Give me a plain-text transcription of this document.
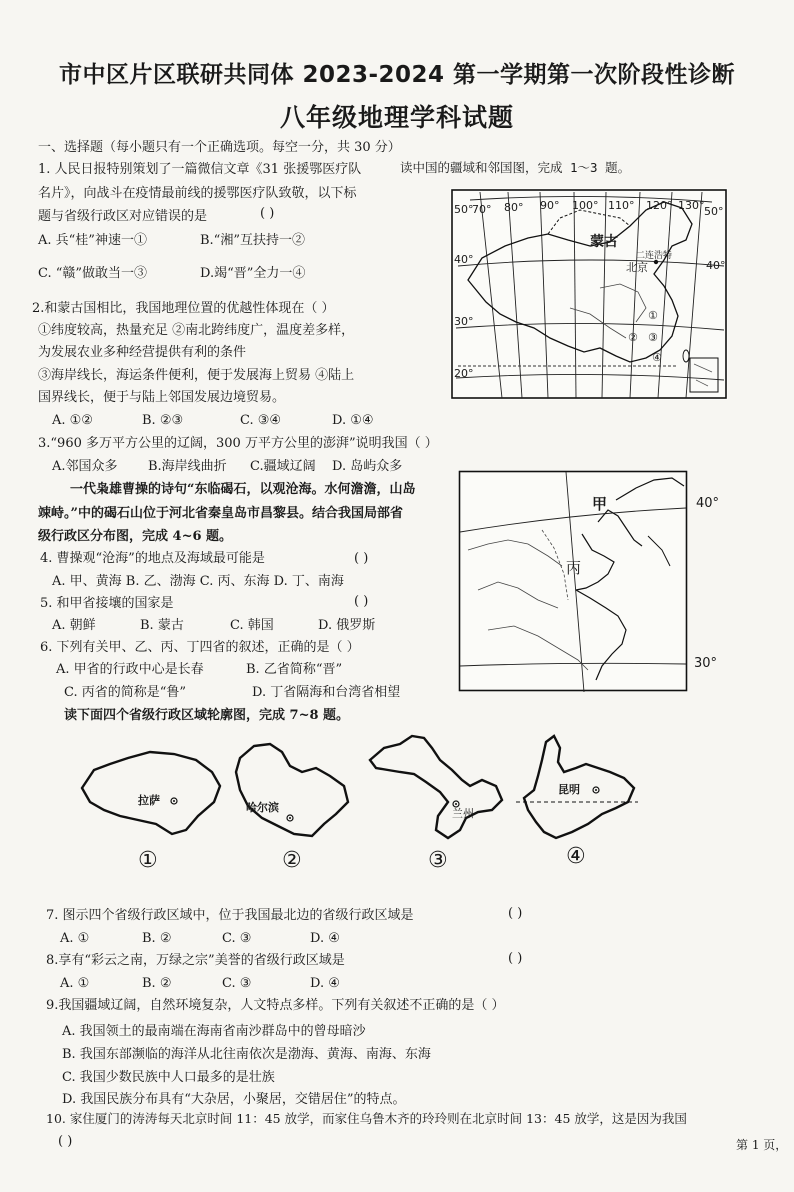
市中区片区联研共同体 2023-2024 第一学期第一次阶段性诊断
八年级地理学科试题
一、选择题（每小题只有一个正确选项。每空一分，共 30 分）
1. 人民日报特别策划了一篇微信文章《31 张援鄂医疗队
名片》，向战斗在疫情最前线的援鄂医疗队致敬，以下标
题与省级行政区对应错误的是	( )
A. 兵“桂”神速一①	B.“湘”互扶持一②
C. “赣”做敢当一③	D.竭“晋”全力一④
2.和蒙古国相比，我国地理位置的优越性体现在（ ）
①纬度较高，热量充足 ②南北跨纬度广，温度差多样，
为发展农业多种经营提供有利的条件
③海岸线长，海运条件便利，便于发展海上贸易 ④陆上
国界线长，便于与陆上邻国发展边境贸易。
A. ①②	B. ②③	C. ③④	D. ①④
3.“960 多万平方公里的辽阔，300 万平方公里的澎湃”说明我国（ ）
A.邻国众多 B.海岸线曲折 C.疆域辽阔 D. 岛屿众多
读中国的疆域和邻国图，完成 1～3 题。
70° 80° 90° 100° 110° 120° 130°
50°
40°
30°
20°
50°
40°
蒙古
二连浩特
北京
①
② ③
④
一代枭雄曹操的诗句“东临碣石，以观沧海。水何澹澹，山岛
竦峙。”中的碣石山位于河北省秦皇岛市昌黎县。结合我国局部省
级行政区分布图，完成 4~6 题。
甲
丙
40°
30°
4. 曹操观“沧海”的地点及海域最可能是	( )
A. 甲、黄海 B. 乙、渤海 C. 丙、东海 D. 丁、南海
5. 和甲省接壤的国家是	( )
A. 朝鲜	B. 蒙古	C. 韩国	D. 俄罗斯
6. 下列有关甲、乙、丙、丁四省的叙述，正确的是（ ）
A. 甲省的行政中心是长春	B. 乙省简称“晋”
C. 丙省的简称是“鲁”	D. 丁省隔海和台湾省相望
读下面四个省级行政区域轮廓图，完成 7~8 题。
拉萨
①
哈尔滨
②
兰州
③
昆明
④
7. 图示四个省级行政区域中，位于我国最北边的省级行政区域是	( )
A. ①	B. ②	C. ③	D. ④
8.享有“彩云之南，万绿之宗”美誉的省级行政区域是	( )
A. ①	B. ②	C. ③	D. ④
9.我国疆域辽阔，自然环境复杂，人文特点多样。下列有关叙述不正确的是（ ）
A. 我国领土的最南端在海南省南沙群岛中的曾母暗沙
B. 我国东部濒临的海洋从北往南依次是渤海、黄海、南海、东海
C. 我国少数民族中人口最多的是壮族
D. 我国民族分布具有“大杂居，小聚居，交错居住”的特点。
10. 家住厦门的涛涛每天北京时间 11：45 放学，而家住乌鲁木齐的玲玲则在北京时间 13：45 放学，这是因为我国
( )	第 1 页，
